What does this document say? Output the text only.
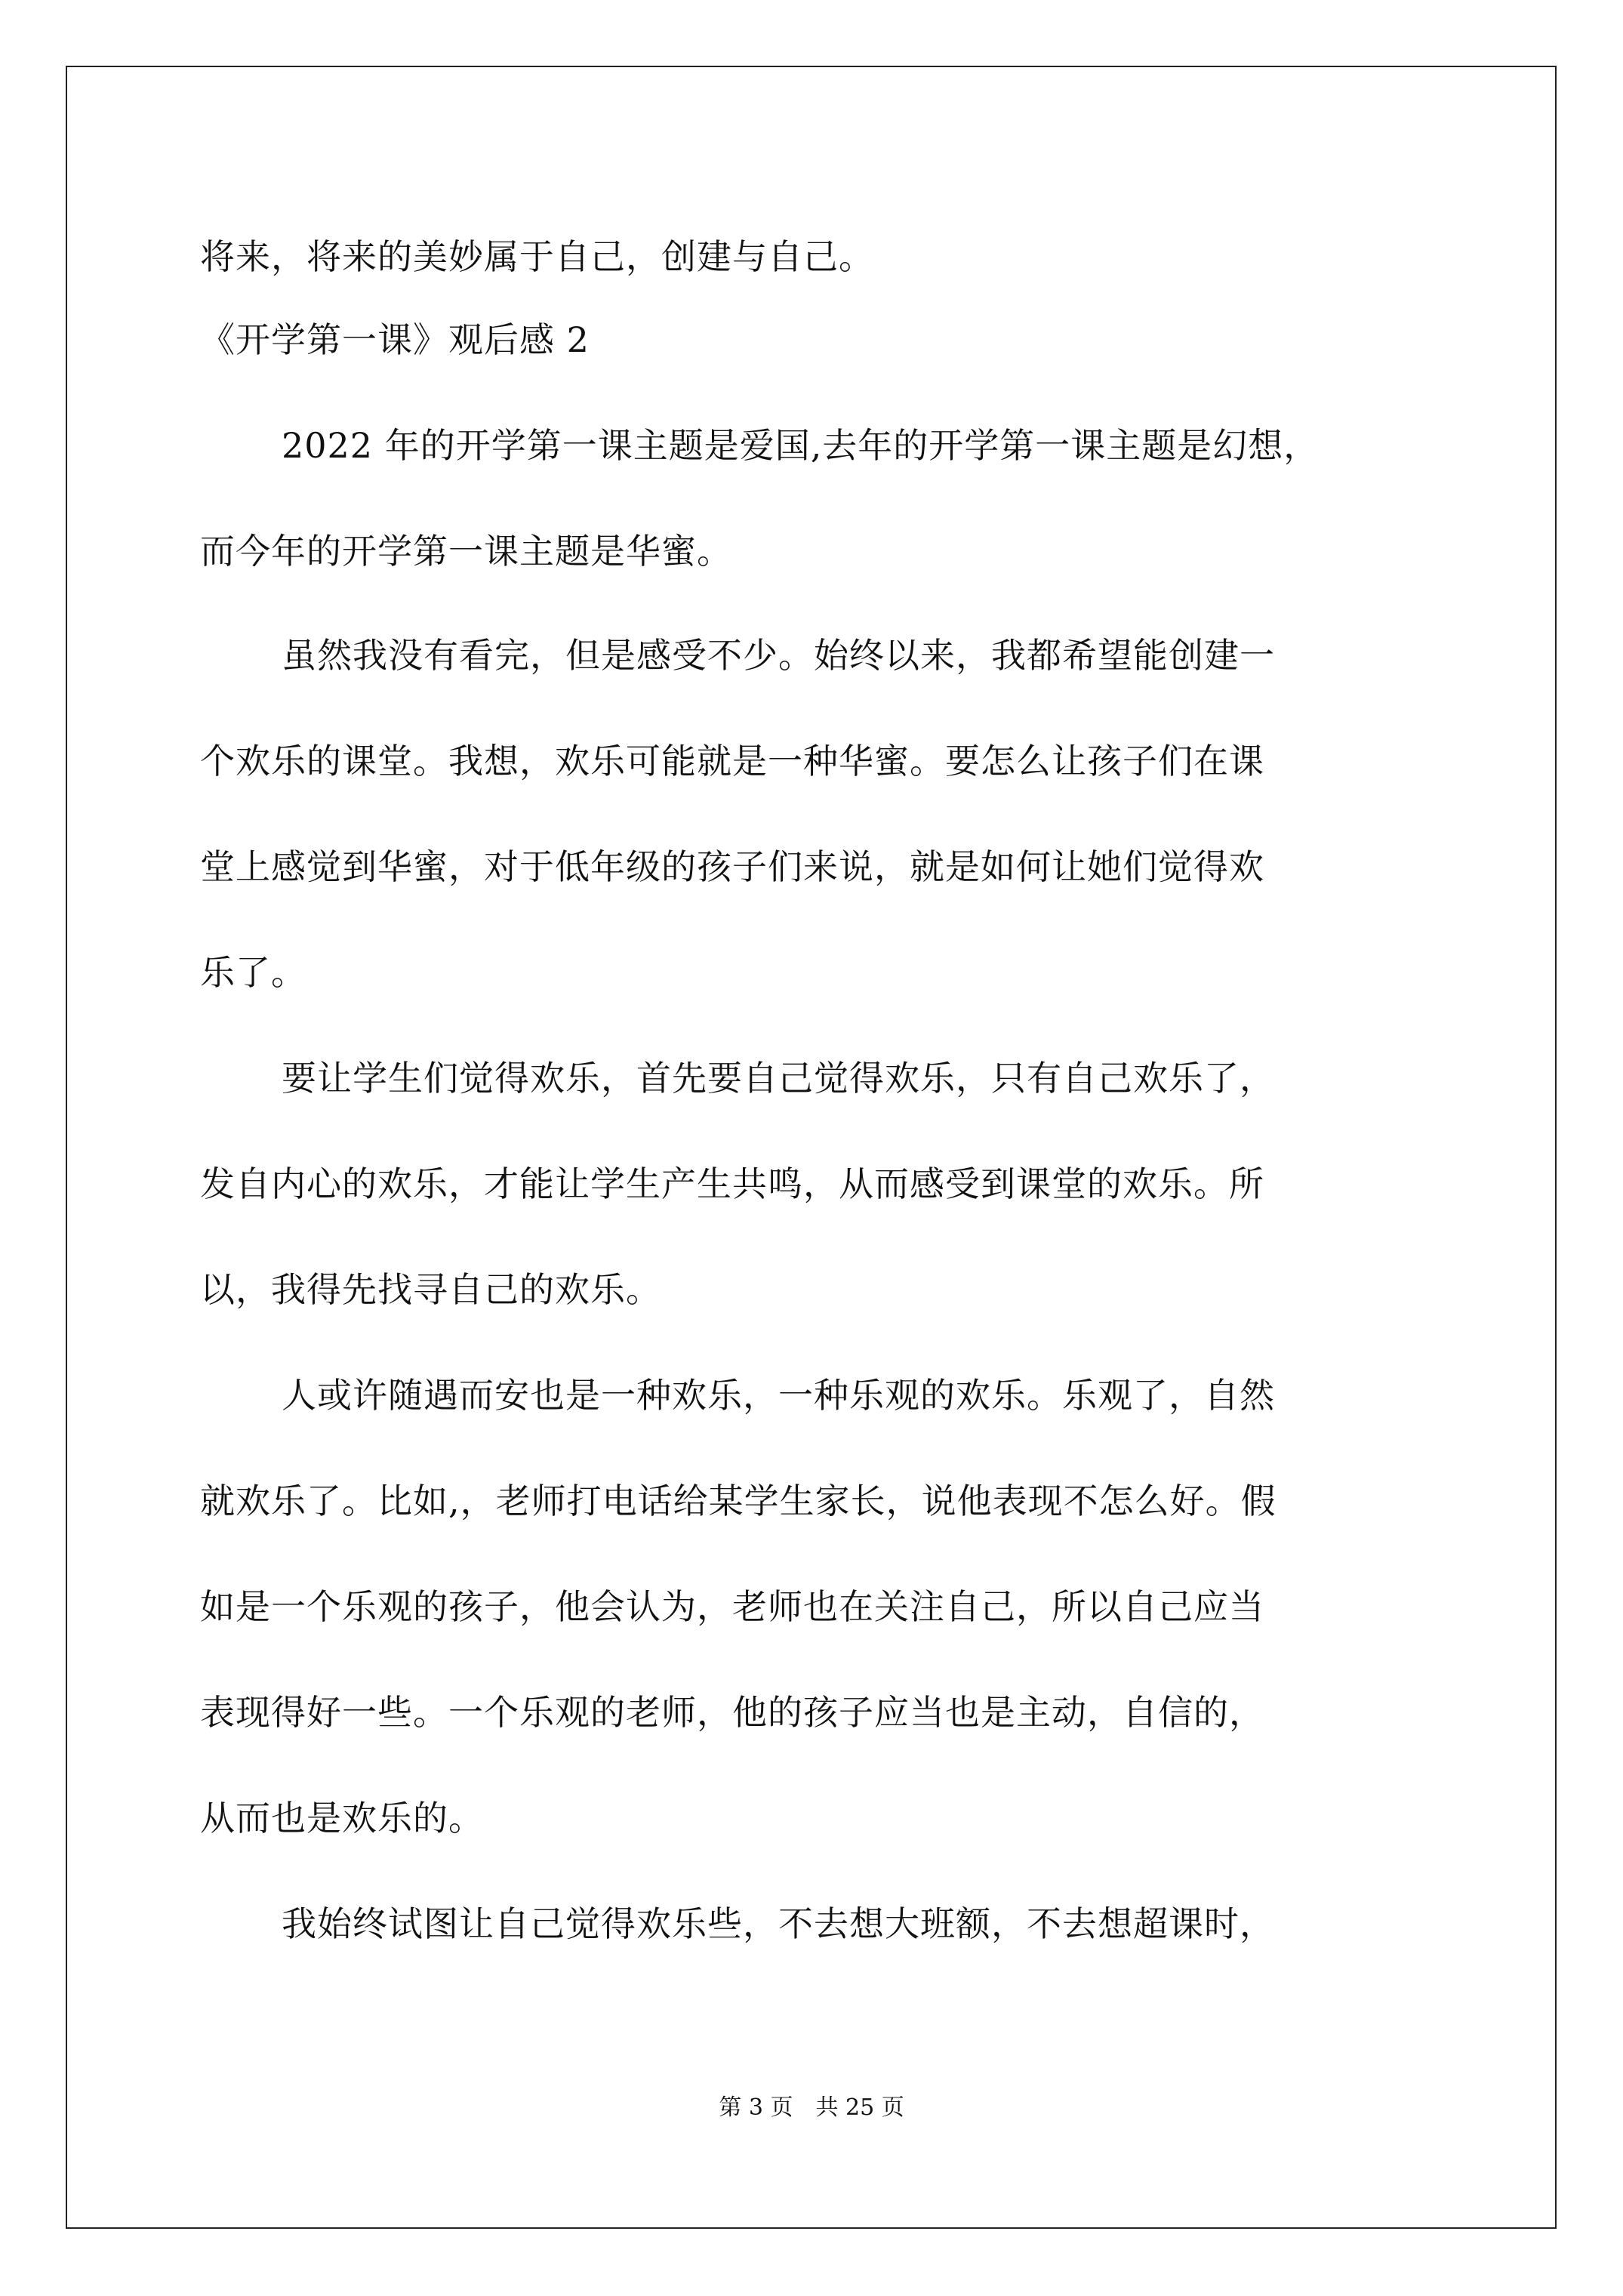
将来，将来的美妙属于自己，创建与自己。
《开学第一课》观后感 2
2022 年的开学第一课主题是爱国,去年的开学第一课主题是幻想，
而今年的开学第一课主题是华蜜。
虽然我没有看完，但是感受不少。始终以来，我都希望能创建一
个欢乐的课堂。我想，欢乐可能就是一种华蜜。要怎么让孩子们在课
堂上感觉到华蜜，对于低年级的孩子们来说，就是如何让她们觉得欢
乐了。
要让学生们觉得欢乐，首先要自己觉得欢乐，只有自己欢乐了，
发自内心的欢乐，才能让学生产生共鸣，从而感受到课堂的欢乐。所
以，我得先找寻自己的欢乐。
人或许随遇而安也是一种欢乐，一种乐观的欢乐。乐观了，自然
就欢乐了。比如,，老师打电话给某学生家长，说他表现不怎么好。假
如是一个乐观的孩子，他会认为，老师也在关注自己，所以自己应当
表现得好一些。一个乐观的老师，他的孩子应当也是主动，自信的，
从而也是欢乐的。
我始终试图让自己觉得欢乐些，不去想大班额，不去想超课时，
第 3 页　共 25 页
